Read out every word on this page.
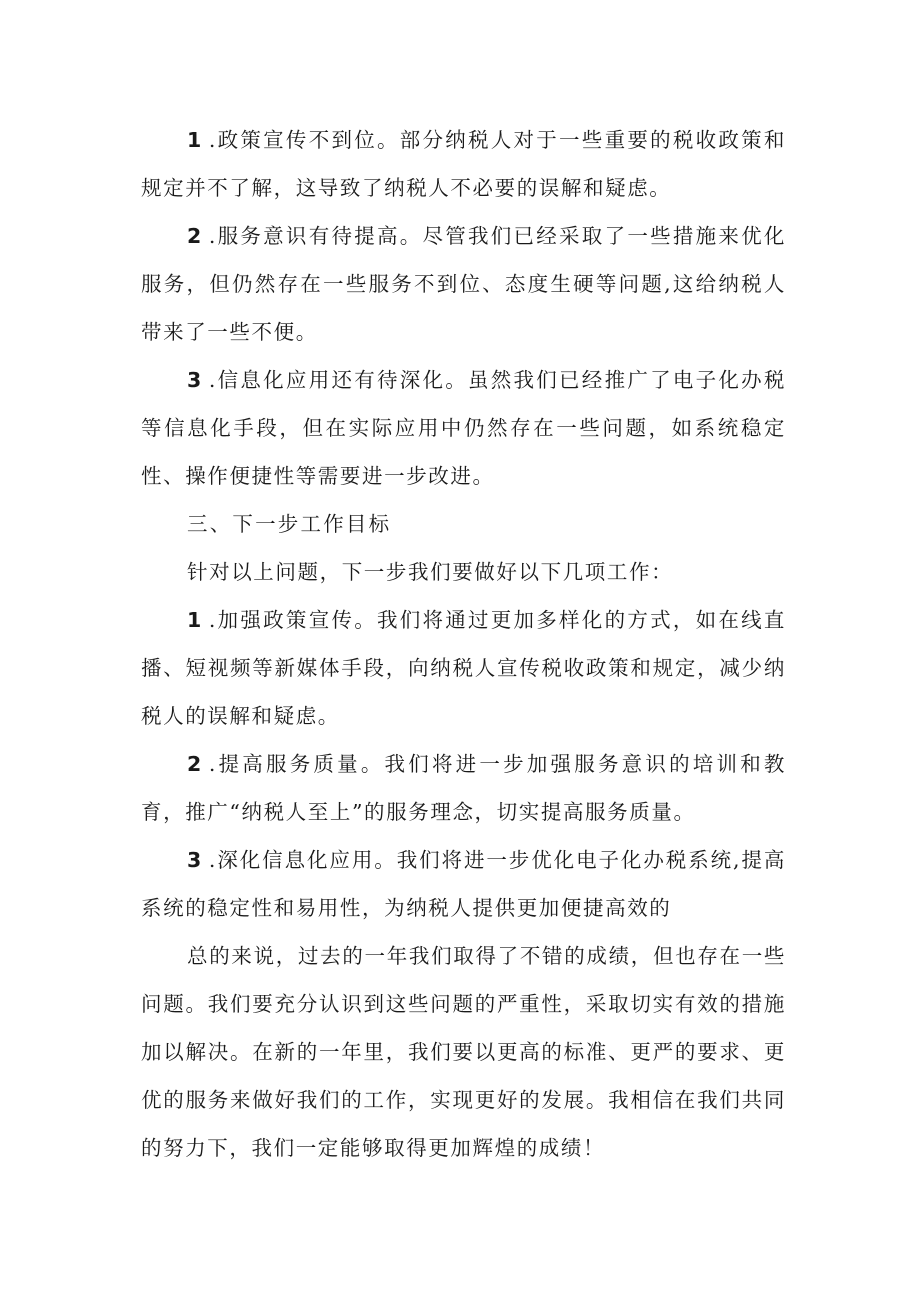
1 .政策宣传不到位。部分纳税人对于一些重要的税收政策和规定并不了解，这导致了纳税人不必要的误解和疑虑。

2 .服务意识有待提高。尽管我们已经采取了一些措施来优化服务，但仍然存在一些服务不到位、态度生硬等问题,这给纳税人带来了一些不便。

3 .信息化应用还有待深化。虽然我们已经推广了电子化办税等信息化手段，但在实际应用中仍然存在一些问题，如系统稳定性、操作便捷性等需要进一步改进。

三、下一步工作目标

针对以上问题，下一步我们要做好以下几项工作：

1 .加强政策宣传。我们将通过更加多样化的方式，如在线直播、短视频等新媒体手段，向纳税人宣传税收政策和规定，减少纳税人的误解和疑虑。

2 .提高服务质量。我们将进一步加强服务意识的培训和教育，推广“纳税人至上”的服务理念，切实提高服务质量。

3 .深化信息化应用。我们将进一步优化电子化办税系统,提高系统的稳定性和易用性，为纳税人提供更加便捷高效的

总的来说，过去的一年我们取得了不错的成绩，但也存在一些问题。我们要充分认识到这些问题的严重性，采取切实有效的措施加以解决。在新的一年里，我们要以更高的标准、更严的要求、更优的服务来做好我们的工作，实现更好的发展。我相信在我们共同的努力下，我们一定能够取得更加辉煌的成绩！
